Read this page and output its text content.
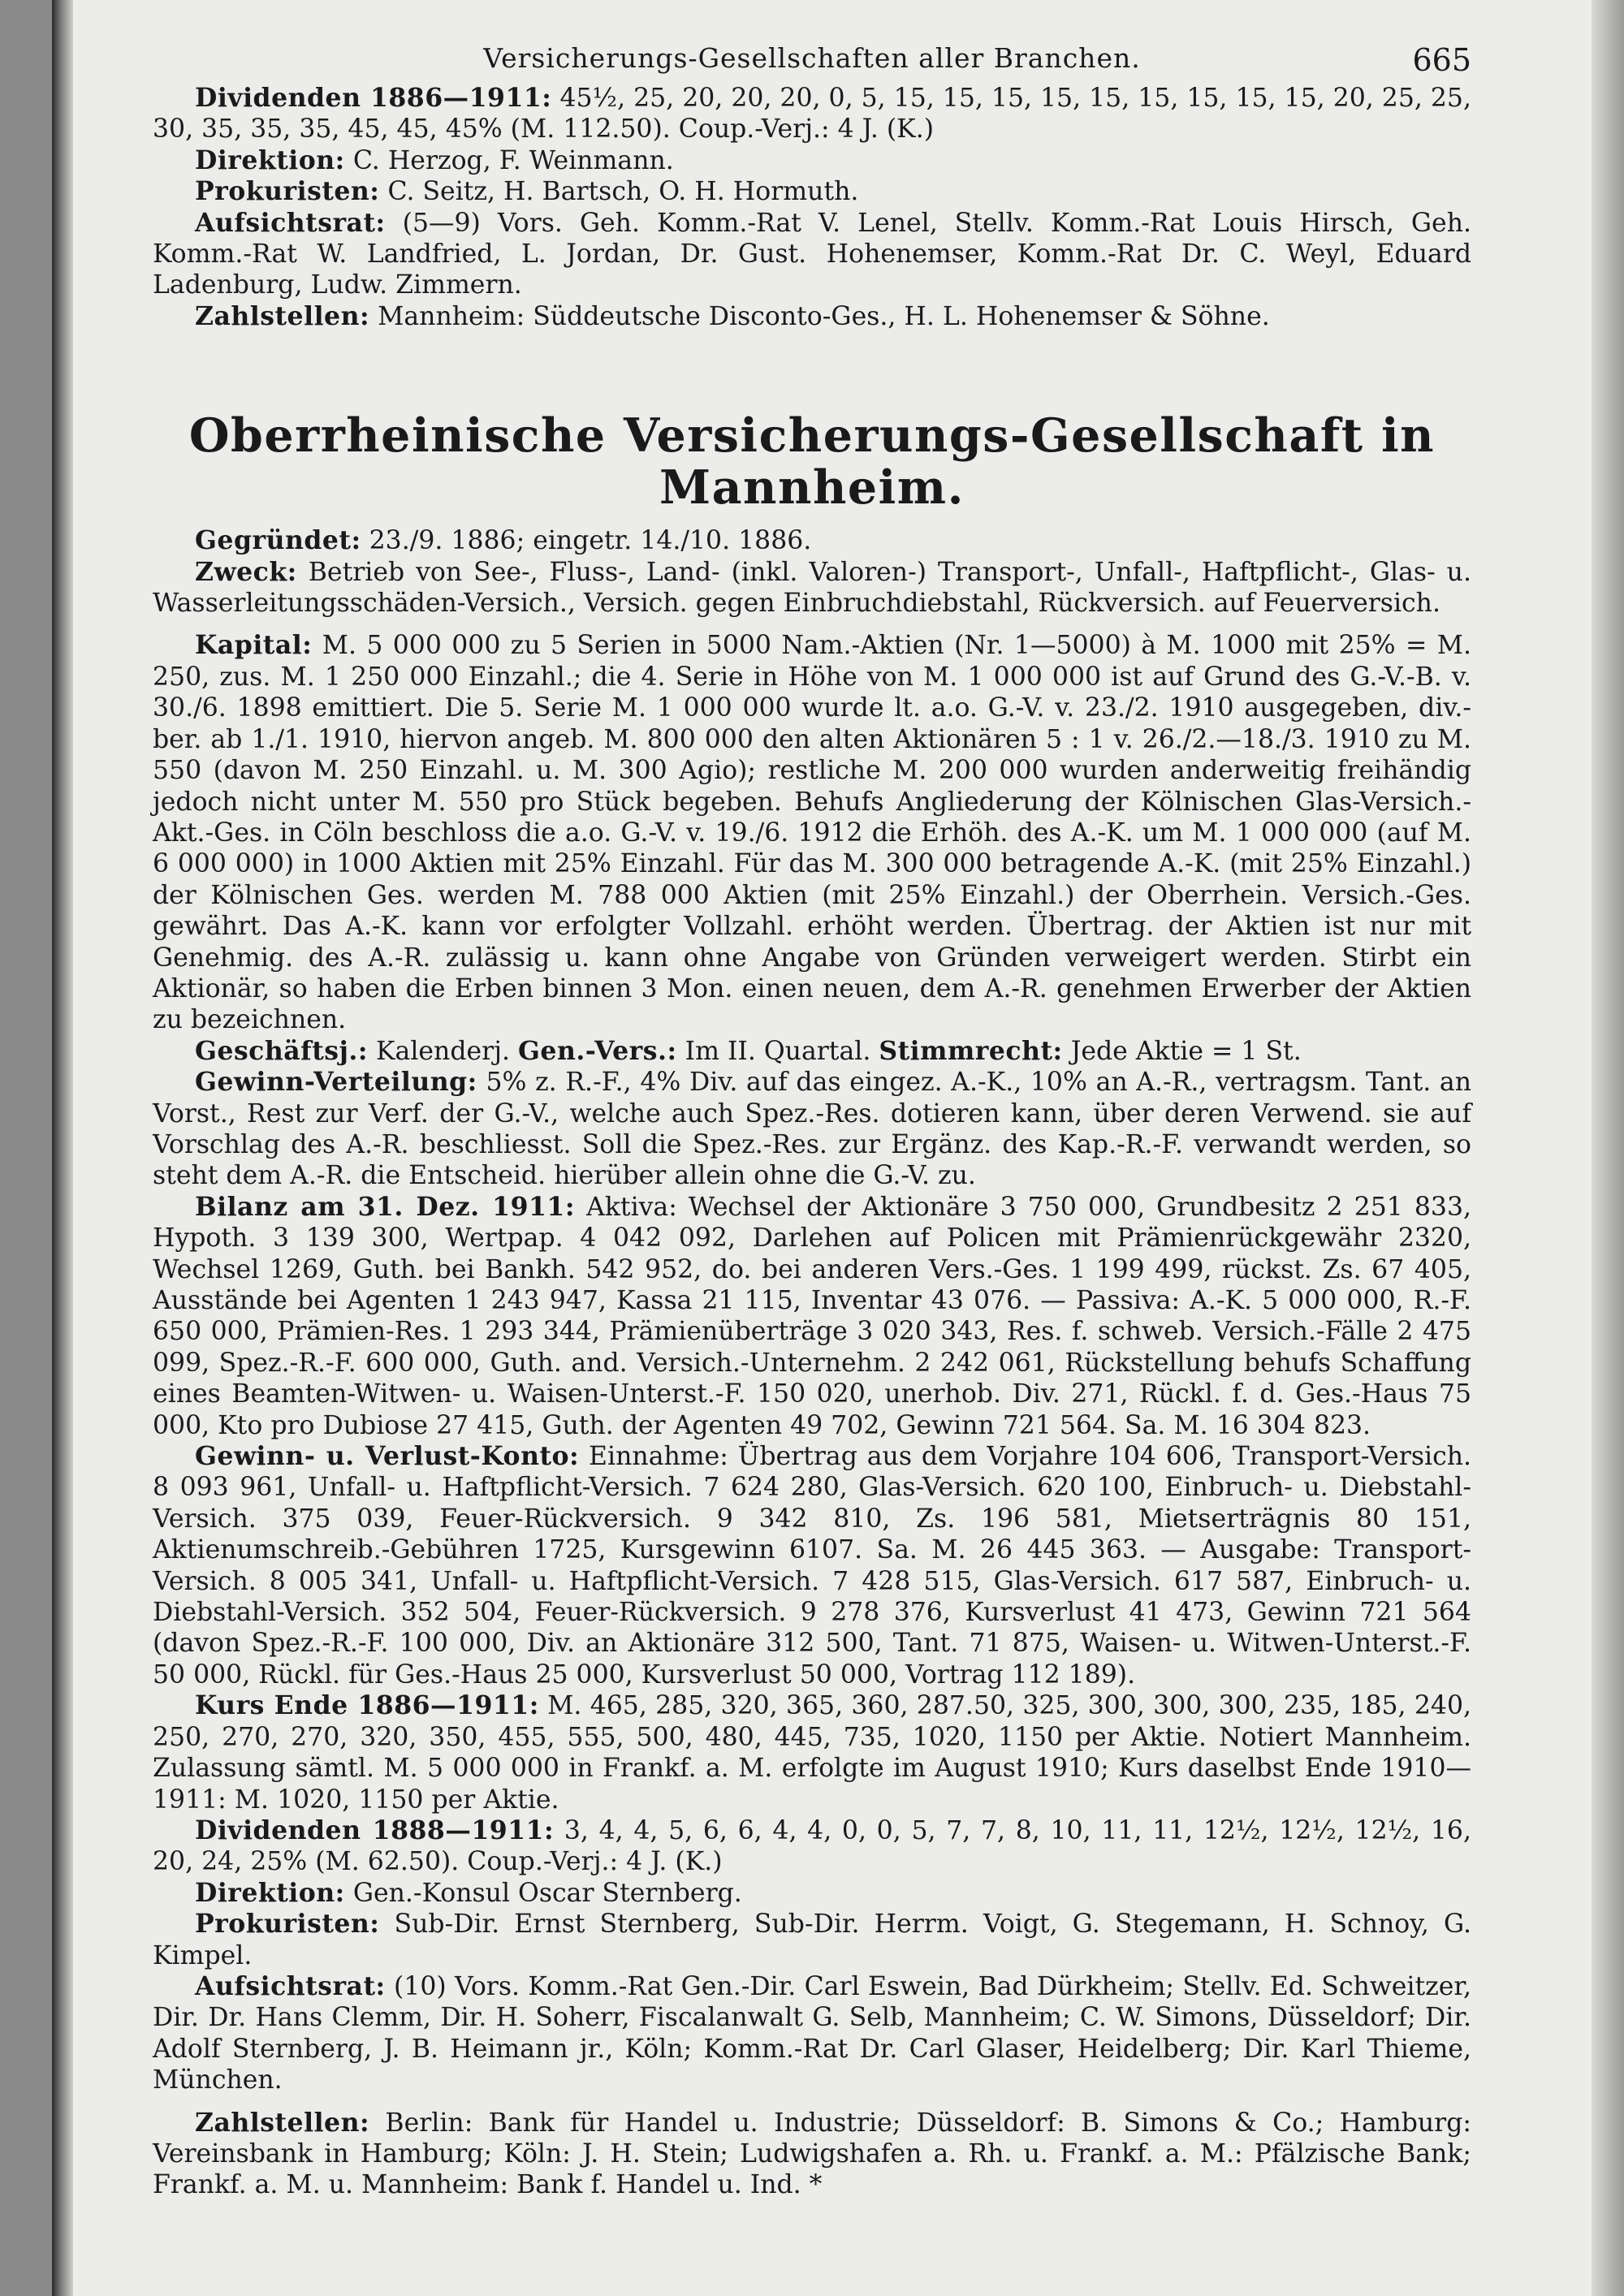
Versicherungs-Gesellschaften aller Branchen.	665

Dividenden 1886—1911: 45½, 25, 20, 20, 20, 0, 5, 15, 15, 15, 15, 15, 15, 15, 15, 15, 20, 25, 25, 30, 35, 35, 35, 45, 45, 45% (M. 112.50). Coup.-Verj.: 4 J. (K.)

Direktion: C. Herzog, F. Weinmann.

Prokuristen: C. Seitz, H. Bartsch, O. H. Hormuth.

Aufsichtsrat: (5—9) Vors. Geh. Komm.-Rat V. Lenel, Stellv. Komm.-Rat Louis Hirsch, Geh. Komm.-Rat W. Landfried, L. Jordan, Dr. Gust. Hohenemser, Komm.-Rat Dr. C. Weyl, Eduard Ladenburg, Ludw. Zimmern.

Zahlstellen: Mannheim: Süddeutsche Disconto-Ges., H. L. Hohenemser & Söhne.

Oberrheinische Versicherungs-Gesellschaft in Mannheim.

Gegründet: 23./9. 1886; eingetr. 14./10. 1886.

Zweck: Betrieb von See-, Fluss-, Land- (inkl. Valoren-) Transport-, Unfall-, Haftpflicht-, Glas- u. Wasserleitungsschäden-Versich., Versich. gegen Einbruchdiebstahl, Rückversich. auf Feuerversich.

Kapital: M. 5 000 000 zu 5 Serien in 5000 Nam.-Aktien (Nr. 1—5000) à M. 1000 mit 25% = M. 250, zus. M. 1 250 000 Einzahl.; die 4. Serie in Höhe von M. 1 000 000 ist auf Grund des G.-V.-B. v. 30./6. 1898 emittiert. Die 5. Serie M. 1 000 000 wurde lt. a.o. G.-V. v. 23./2. 1910 ausgegeben, div.-ber. ab 1./1. 1910, hiervon angeb. M. 800 000 den alten Aktionären 5 : 1 v. 26./2.—18./3. 1910 zu M. 550 (davon M. 250 Einzahl. u. M. 300 Agio); restliche M. 200 000 wurden anderweitig freihändig jedoch nicht unter M. 550 pro Stück begeben. Behufs Angliederung der Kölnischen Glas-Versich.-Akt.-Ges. in Cöln beschloss die a.o. G.-V. v. 19./6. 1912 die Erhöh. des A.-K. um M. 1 000 000 (auf M. 6 000 000) in 1000 Aktien mit 25% Einzahl. Für das M. 300 000 betragende A.-K. (mit 25% Einzahl.) der Kölnischen Ges. werden M. 788 000 Aktien (mit 25% Einzahl.) der Oberrhein. Versich.-Ges. gewährt. Das A.-K. kann vor erfolgter Vollzahl. erhöht werden. Übertrag. der Aktien ist nur mit Genehmig. des A.-R. zulässig u. kann ohne Angabe von Gründen verweigert werden. Stirbt ein Aktionär, so haben die Erben binnen 3 Mon. einen neuen, dem A.-R. genehmen Erwerber der Aktien zu bezeichnen.

Geschäftsj.: Kalenderj. Gen.-Vers.: Im II. Quartal. Stimmrecht: Jede Aktie = 1 St.

Gewinn-Verteilung: 5% z. R.-F., 4% Div. auf das eingez. A.-K., 10% an A.-R., vertragsm. Tant. an Vorst., Rest zur Verf. der G.-V., welche auch Spez.-Res. dotieren kann, über deren Verwend. sie auf Vorschlag des A.-R. beschliesst. Soll die Spez.-Res. zur Ergänz. des Kap.-R.-F. verwandt werden, so steht dem A.-R. die Entscheid. hierüber allein ohne die G.-V. zu.

Bilanz am 31. Dez. 1911: Aktiva: Wechsel der Aktionäre 3 750 000, Grundbesitz 2 251 833, Hypoth. 3 139 300, Wertpap. 4 042 092, Darlehen auf Policen mit Prämienrückgewähr 2320, Wechsel 1269, Guth. bei Bankh. 542 952, do. bei anderen Vers.-Ges. 1 199 499, rückst. Zs. 67 405, Ausstände bei Agenten 1 243 947, Kassa 21 115, Inventar 43 076. — Passiva: A.-K. 5 000 000, R.-F. 650 000, Prämien-Res. 1 293 344, Prämienüberträge 3 020 343, Res. f. schweb. Versich.-Fälle 2 475 099, Spez.-R.-F. 600 000, Guth. and. Versich.-Unternehm. 2 242 061, Rückstellung behufs Schaffung eines Beamten-Witwen- u. Waisen-Unterst.-F. 150 020, unerhob. Div. 271, Rückl. f. d. Ges.-Haus 75 000, Kto pro Dubiose 27 415, Guth. der Agenten 49 702, Gewinn 721 564. Sa. M. 16 304 823.

Gewinn- u. Verlust-Konto: Einnahme: Übertrag aus dem Vorjahre 104 606, Transport-Versich. 8 093 961, Unfall- u. Haftpflicht-Versich. 7 624 280, Glas-Versich. 620 100, Einbruch- u. Diebstahl-Versich. 375 039, Feuer-Rückversich. 9 342 810, Zs. 196 581, Mietserträgnis 80 151, Aktienumschreib.-Gebühren 1725, Kursgewinn 6107. Sa. M. 26 445 363. — Ausgabe: Transport-Versich. 8 005 341, Unfall- u. Haftpflicht-Versich. 7 428 515, Glas-Versich. 617 587, Einbruch- u. Diebstahl-Versich. 352 504, Feuer-Rückversich. 9 278 376, Kursverlust 41 473, Gewinn 721 564 (davon Spez.-R.-F. 100 000, Div. an Aktionäre 312 500, Tant. 71 875, Waisen- u. Witwen-Unterst.-F. 50 000, Rückl. für Ges.-Haus 25 000, Kursverlust 50 000, Vortrag 112 189).

Kurs Ende 1886—1911: M. 465, 285, 320, 365, 360, 287.50, 325, 300, 300, 300, 235, 185, 240, 250, 270, 270, 320, 350, 455, 555, 500, 480, 445, 735, 1020, 1150 per Aktie. Notiert Mannheim. Zulassung sämtl. M. 5 000 000 in Frankf. a. M. erfolgte im August 1910; Kurs daselbst Ende 1910—1911: M. 1020, 1150 per Aktie.

Dividenden 1888—1911: 3, 4, 4, 5, 6, 6, 4, 4, 0, 0, 5, 7, 7, 8, 10, 11, 11, 12½, 12½, 12½, 16, 20, 24, 25% (M. 62.50). Coup.-Verj.: 4 J. (K.)

Direktion: Gen.-Konsul Oscar Sternberg.

Prokuristen: Sub-Dir. Ernst Sternberg, Sub-Dir. Herrm. Voigt, G. Stegemann, H. Schnoy, G. Kimpel.

Aufsichtsrat: (10) Vors. Komm.-Rat Gen.-Dir. Carl Eswein, Bad Dürkheim; Stellv. Ed. Schweitzer, Dir. Dr. Hans Clemm, Dir. H. Soherr, Fiscalanwalt G. Selb, Mannheim; C. W. Simons, Düsseldorf; Dir. Adolf Sternberg, J. B. Heimann jr., Köln; Komm.-Rat Dr. Carl Glaser, Heidelberg; Dir. Karl Thieme, München.

Zahlstellen: Berlin: Bank für Handel u. Industrie; Düsseldorf: B. Simons & Co.; Hamburg: Vereinsbank in Hamburg; Köln: J. H. Stein; Ludwigshafen a. Rh. u. Frankf. a. M.: Pfälzische Bank; Frankf. a. M. u. Mannheim: Bank f. Handel u. Ind. *
